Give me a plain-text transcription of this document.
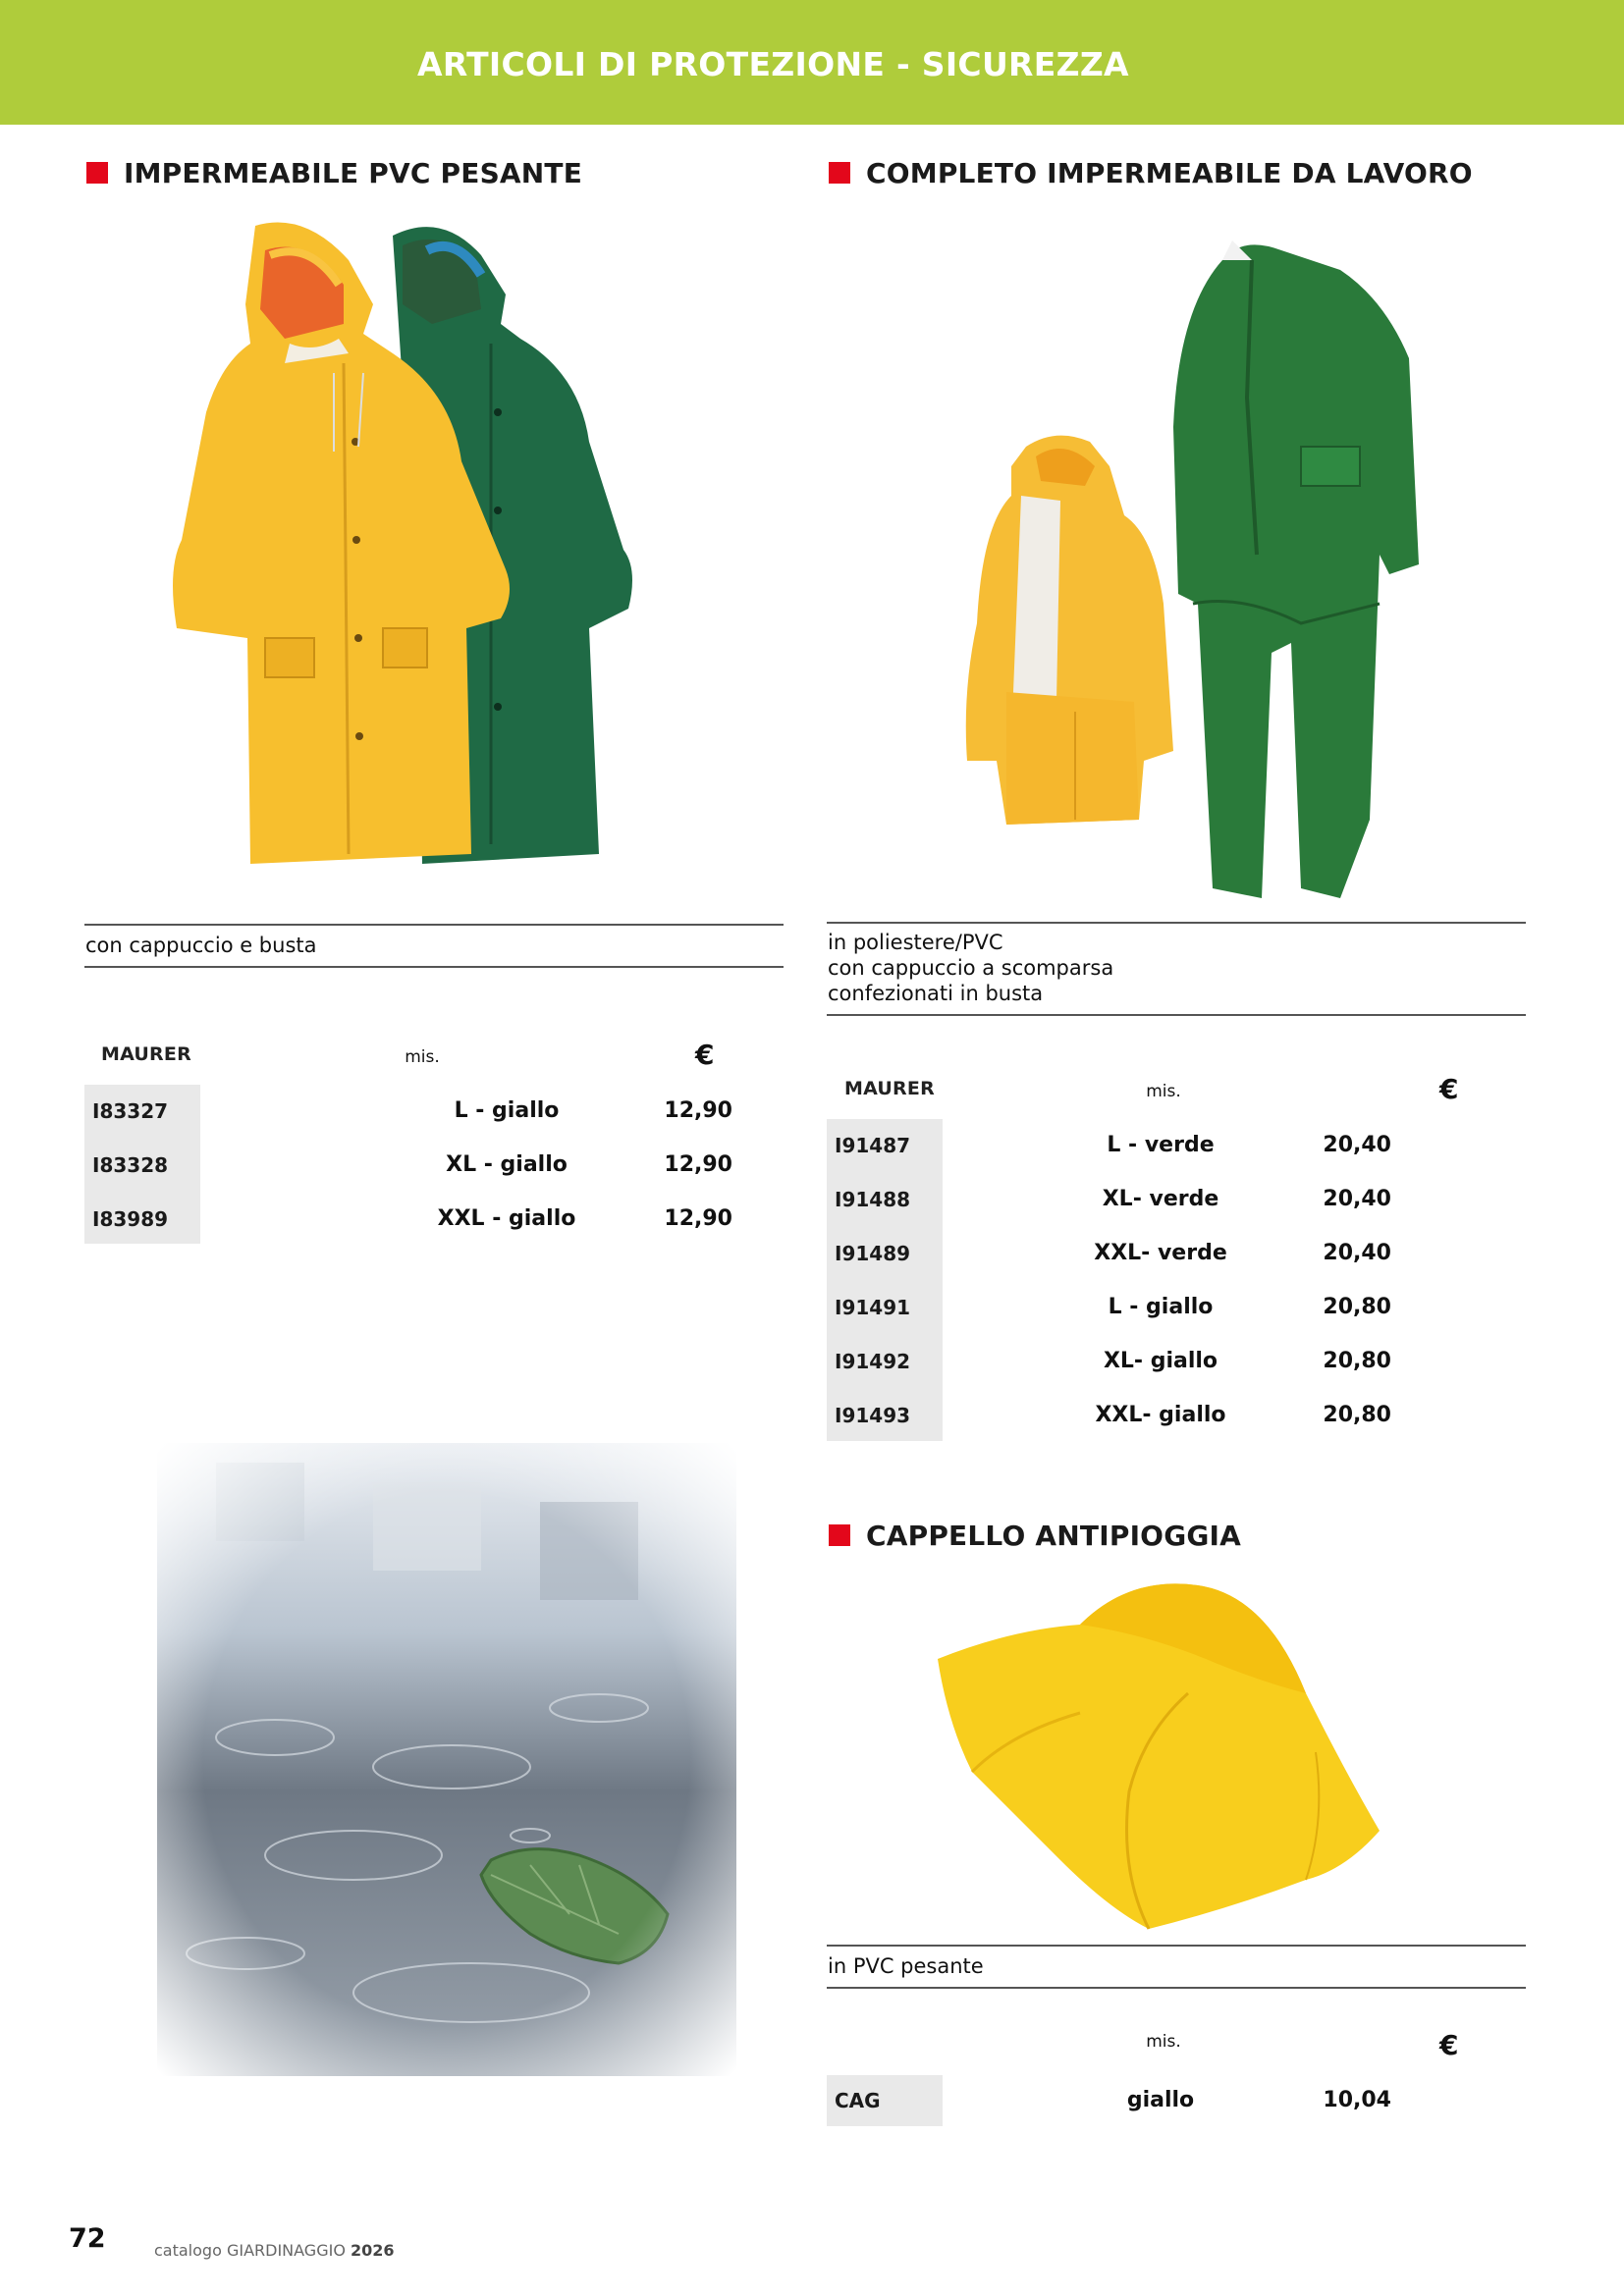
ARTICOLI DI PROTEZIONE - SICUREZZA
IMPERMEABILE PVC PESANTE
con cappuccio e busta
MAURER	mis.	€
I83327	L - giallo	12,90
I83328	XL - giallo	12,90
I83989	XXL - giallo	12,90
COMPLETO IMPERMEABILE DA LAVORO
in poliestere/PVC
con cappuccio a scomparsa
confezionati in busta
MAURER	mis.	€
I91487	L - verde	20,40
I91488	XL- verde	20,40
I91489	XXL- verde	20,40
I91491	L - giallo	20,80
I91492	XL- giallo	20,80
I91493	XXL- giallo	20,80
CAPPELLO ANTIPIOGGIA
in PVC pesante
mis.	€
CAG	giallo	10,04
72	catalogo GIARDINAGGIO 2026
